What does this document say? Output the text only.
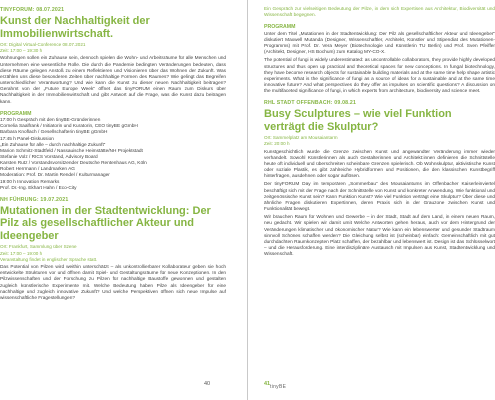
TINYFORUM: 08.07.2021

Kunst der Nachhaltigkeit der Immobilienwirtschaft.

Ort: Digital Virtual-Conference 08.07.2021

Zeit: 17:00 – 19:30 h

Wohnungen sollen ein Zuhause sein, dennoch spielen die Wohn- und Arbeitsräume für alle Menschen und Unternehmen eine wesentliche Rolle. Die durch die Pandemie bedingten Veränderungen bedeuten, dass diese Räume gelegen Anstoß zu einem Reflektieren und Visionieren über das Wohnen der Zukunft. Was erzählen uns diese besonderen Zeiten über nachhaltige Formen des Raumes? Wie gelingt das Begreifen unterschiedlicher Verantwortung? Und wie kann die Kunst zu dieser neuen Nachhaltigkeit beitragen? Gerahmt von der „Future Europe Week“ öffnet das tinyFORUM einen Raum zum Diskurs über Nachhaltigkeit in der Immobilienwirtschaft und gibt Antwort auf die Frage, was die Kunst dazu beitragen kann.

PROGRAMM

17:00 h Gespräch mit den tinyBE-Gründerinnen
Cornelia Saalfrank / Initiatorin und Kuratorin, CEO tinyBE gGmbH
Barbara Knoflach / Gesellschafterin tinyBE gGmbH
17:45 h Panel-Diskussion
„Ein Zuhause für alle – durch nachhaltige Zukunft“
Marion Schmitz-Stadtfeld / Nassauische Heimstätte/NH Projektstadt
Stefanie Volz / RICS Vorstand, Advisory Board
Karsten Rutz / Vorstandsvorsitzender Deutsche Rentenhaus AG, Köln
Robert Herrmann / Landmarken AG
Moderation: Prof. Dr. Martin Rendel / Kulturmanager
19:00 h Innovation Remarks
Prof. Dr.-Ing. Ekhart Hahn / Eco-City

NH FÜHRUNG: 19.07.2021

Mutationen in der Stadtentwicklung: Der Pilz als gesellschaftlicher Akteur und Ideengeber

Ort: Frankfurt, Sammlung über Szene

Zeit: 17:00 – 19:00 h

Veranstaltung findet in englischer Sprache statt.

Das Potential von Pilzen wird weithin unterschätzt – als unkontrollierbarer Kollaborateur geben sie hoch entwickelte Strukturen vor und öffnen damit Spiel- und Gestaltungsräume für neue Konzeptionen. In den Pilzwissenschaften und der Forschung zu Pilzen für nachhaltige Baustoffe gewonnen und gestalten zugleich künstlerische Experimente mit. Welche Bedeutung haben Pilze als Ideengeber für eine nachhaltige und zugleich innovative Zukunft? Und welche Perspektiven öffnen sich neue Impulse auf wissenschaftliche Fragestellungen?

40

Ein Gespräch zur vielseitigen Bedeutung der Pilze, in dem sich Expertisen aus Architektur, Biodiversität und Wissenschaft begegnen.

PROGRAMM

Unter dem Titel „Mutationen in der Stadtentwicklung: Der Pilz als gesellschaftlicher Akteur und Ideengeber“ diskutiert Maxwell Mutanda (Designer, Wissenschaftler, Architekt, Künstler und Stipendiat des Mutationen-Programms) mit Prof. Dr. Vera Meyer (Biotechnologie und Künstlerin TU Berlin) und Prof. Sven Pfeiffer (Architekt, Designer, HS Bochum) zum Katalog MY-CO-X.

The potential of fungi is widely underestimated: as uncontrollable collaborators, they provide highly developed structures and thus open up practical and theoretical spaces for new conceptions. In fungal biotechnology, they have become research objects for sustainable building materials and at the same time help shape artistic experiments. What is the significance of fungi as a source of ideas for a sustainable and at the same time innovative future? And what perspectives do they offer as impulses on scientific questions? A discussion on the multifaceted significance of fungi, in which experts from architecture, biodiversity and science meet.

RHL STADT OFFENBACH: 09.08.21

Busy Sculptures – wie viel Funktion verträgt die Skulptur?

Ort: Sammelplatz am Mousaiantarm

Zeit: 20:00 h

Kunstgeschichtlich wurde die Grenze zwischen Kunst und angewandter Veränderung immer wieder verhandelt. Sowohl Künstlerinnen als auch Gestalterinnen und Architekt:innen definieren die Schnittstelle heute oft individuell und überschreiten scheinbare Grenzen spielerisch. Ob Wohnskulptur, aktivistische Kunst oder soziale Plastik, es gibt zahlreiche Hybridformen und Positionen, die den klassischen Kunstbegriff hinterfragen, ausdehnen oder sogar auflösen.

Der tinyFORUM Day im temporären „Sommerbau“ des Mousaiantums im Offenbacher Kaiserleinviertel beschäftigt sich mit der Frage nach der Schnittstelle von Kunst und konkreter Anwendung. Wie funktional und zeitgenössische Kunst sein? Kann Funktion Kunst? Wie viel Funktion verträgt eine Skulptur? Über diese und ähnliche Fragen diskutieren Expertinnen, deren Praxis sich in der Grauzone zwischen Kunst und Funktionalität bewegt.

Wir brauchen Raum für Wohnen und Gewerbe – in der Stadt, Stadt auf dem Land, in einem neuen Raum, neu gedacht. Wir spielen wir damit umit Welche Antworten gehen heraus, auch vor dem Hintergrund der Veränderungen klimatischer und ökonomischer Natur? Wie kann ein lebenswerter und gesunder Stadtraum sinnvoll Schönes schaffen werden? Die Gleichung selbst ist (scheinbar) einfach: Gemeinschaftlich mit gut durchdachten Raumkonzepten Platz schaffen, der bezahlbar und lebenswert ist. Design ist das Schlüsselwort – und die Herausforderung. Eine interdisziplinäre Austausch mit Impulsen aus Kunst, Stadtentwicklung und Wissenschaft.

41 tinyBE
